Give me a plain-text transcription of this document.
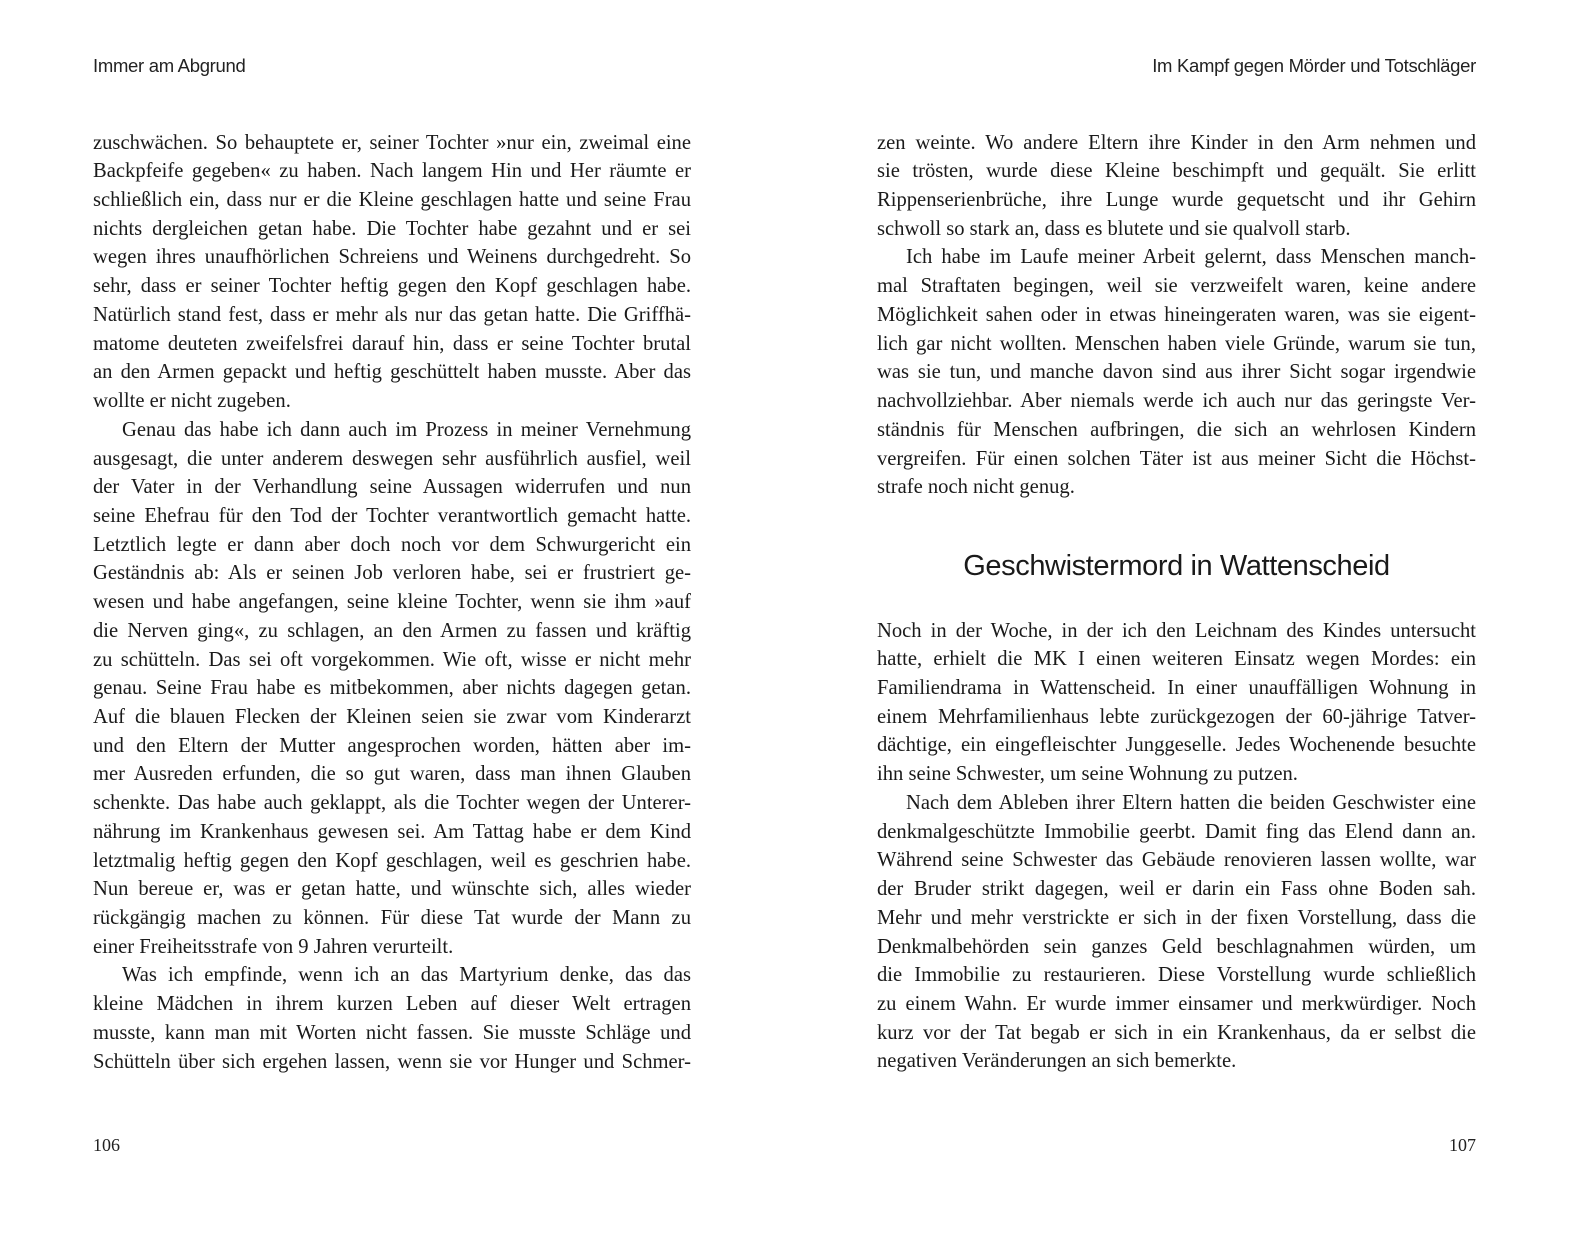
Immer am Abgrund	Im Kampf gegen Mörder und Totschläger
zuschwächen. So behauptete er, seiner Tochter »nur ein, zweimal eine
Backpfeife gegeben« zu haben. Nach langem Hin und Her räumte er
schließlich ein, dass nur er die Kleine geschlagen hatte und seine Frau
nichts dergleichen getan habe. Die Tochter habe gezahnt und er sei
wegen ihres unaufhörlichen Schreiens und Weinens durchgedreht. So
sehr, dass er seiner Tochter heftig gegen den Kopf geschlagen habe.
Natürlich stand fest, dass er mehr als nur das getan hatte. Die Griffhä-
matome deuteten zweifelsfrei darauf hin, dass er seine Tochter brutal
an den Armen gepackt und heftig geschüttelt haben musste. Aber das
wollte er nicht zugeben.
Genau das habe ich dann auch im Prozess in meiner Vernehmung
ausgesagt, die unter anderem deswegen sehr ausführlich ausfiel, weil
der Vater in der Verhandlung seine Aussagen widerrufen und nun
seine Ehefrau für den Tod der Tochter verantwortlich gemacht hatte.
Letztlich legte er dann aber doch noch vor dem Schwurgericht ein
Geständnis ab: Als er seinen Job verloren habe, sei er frustriert ge-
wesen und habe angefangen, seine kleine Tochter, wenn sie ihm »auf
die Nerven ging«, zu schlagen, an den Armen zu fassen und kräftig
zu schütteln. Das sei oft vorgekommen. Wie oft, wisse er nicht mehr
genau. Seine Frau habe es mitbekommen, aber nichts dagegen getan.
Auf die blauen Flecken der Kleinen seien sie zwar vom Kinderarzt
und den Eltern der Mutter angesprochen worden, hätten aber im-
mer Ausreden erfunden, die so gut waren, dass man ihnen Glauben
schenkte. Das habe auch geklappt, als die Tochter wegen der Unterer-
nährung im Krankenhaus gewesen sei. Am Tattag habe er dem Kind
letztmalig heftig gegen den Kopf geschlagen, weil es geschrien habe.
Nun bereue er, was er getan hatte, und wünschte sich, alles wieder
rückgängig machen zu können. Für diese Tat wurde der Mann zu
einer Freiheitsstrafe von 9 Jahren verurteilt.
Was ich empfinde, wenn ich an das Martyrium denke, das das
kleine Mädchen in ihrem kurzen Leben auf dieser Welt ertragen
musste, kann man mit Worten nicht fassen. Sie musste Schläge und
Schütteln über sich ergehen lassen, wenn sie vor Hunger und Schmer-
zen weinte. Wo andere Eltern ihre Kinder in den Arm nehmen und
sie trösten, wurde diese Kleine beschimpft und gequält. Sie erlitt
Rippenserienbrüche, ihre Lunge wurde gequetscht und ihr Gehirn
schwoll so stark an, dass es blutete und sie qualvoll starb.
Ich habe im Laufe meiner Arbeit gelernt, dass Menschen manch-
mal Straftaten begingen, weil sie verzweifelt waren, keine andere
Möglichkeit sahen oder in etwas hineingeraten waren, was sie eigent-
lich gar nicht wollten. Menschen haben viele Gründe, warum sie tun,
was sie tun, und manche davon sind aus ihrer Sicht sogar irgendwie
nachvollziehbar. Aber niemals werde ich auch nur das geringste Ver-
ständnis für Menschen aufbringen, die sich an wehrlosen Kindern
vergreifen. Für einen solchen Täter ist aus meiner Sicht die Höchst-
strafe noch nicht genug.
Geschwistermord in Wattenscheid
Noch in der Woche, in der ich den Leichnam des Kindes untersucht
hatte, erhielt die MK I einen weiteren Einsatz wegen Mordes: ein
Familiendrama in Wattenscheid. In einer unauffälligen Wohnung in
einem Mehrfamilienhaus lebte zurückgezogen der 60-jährige Tatver-
dächtige, ein eingefleischter Junggeselle. Jedes Wochenende besuchte
ihn seine Schwester, um seine Wohnung zu putzen.
Nach dem Ableben ihrer Eltern hatten die beiden Geschwister eine
denkmalgeschützte Immobilie geerbt. Damit fing das Elend dann an.
Während seine Schwester das Gebäude renovieren lassen wollte, war
der Bruder strikt dagegen, weil er darin ein Fass ohne Boden sah.
Mehr und mehr verstrickte er sich in der fixen Vorstellung, dass die
Denkmalbehörden sein ganzes Geld beschlagnahmen würden, um
die Immobilie zu restaurieren. Diese Vorstellung wurde schließlich
zu einem Wahn. Er wurde immer einsamer und merkwürdiger. Noch
kurz vor der Tat begab er sich in ein Krankenhaus, da er selbst die
negativen Veränderungen an sich bemerkte.
106	107
